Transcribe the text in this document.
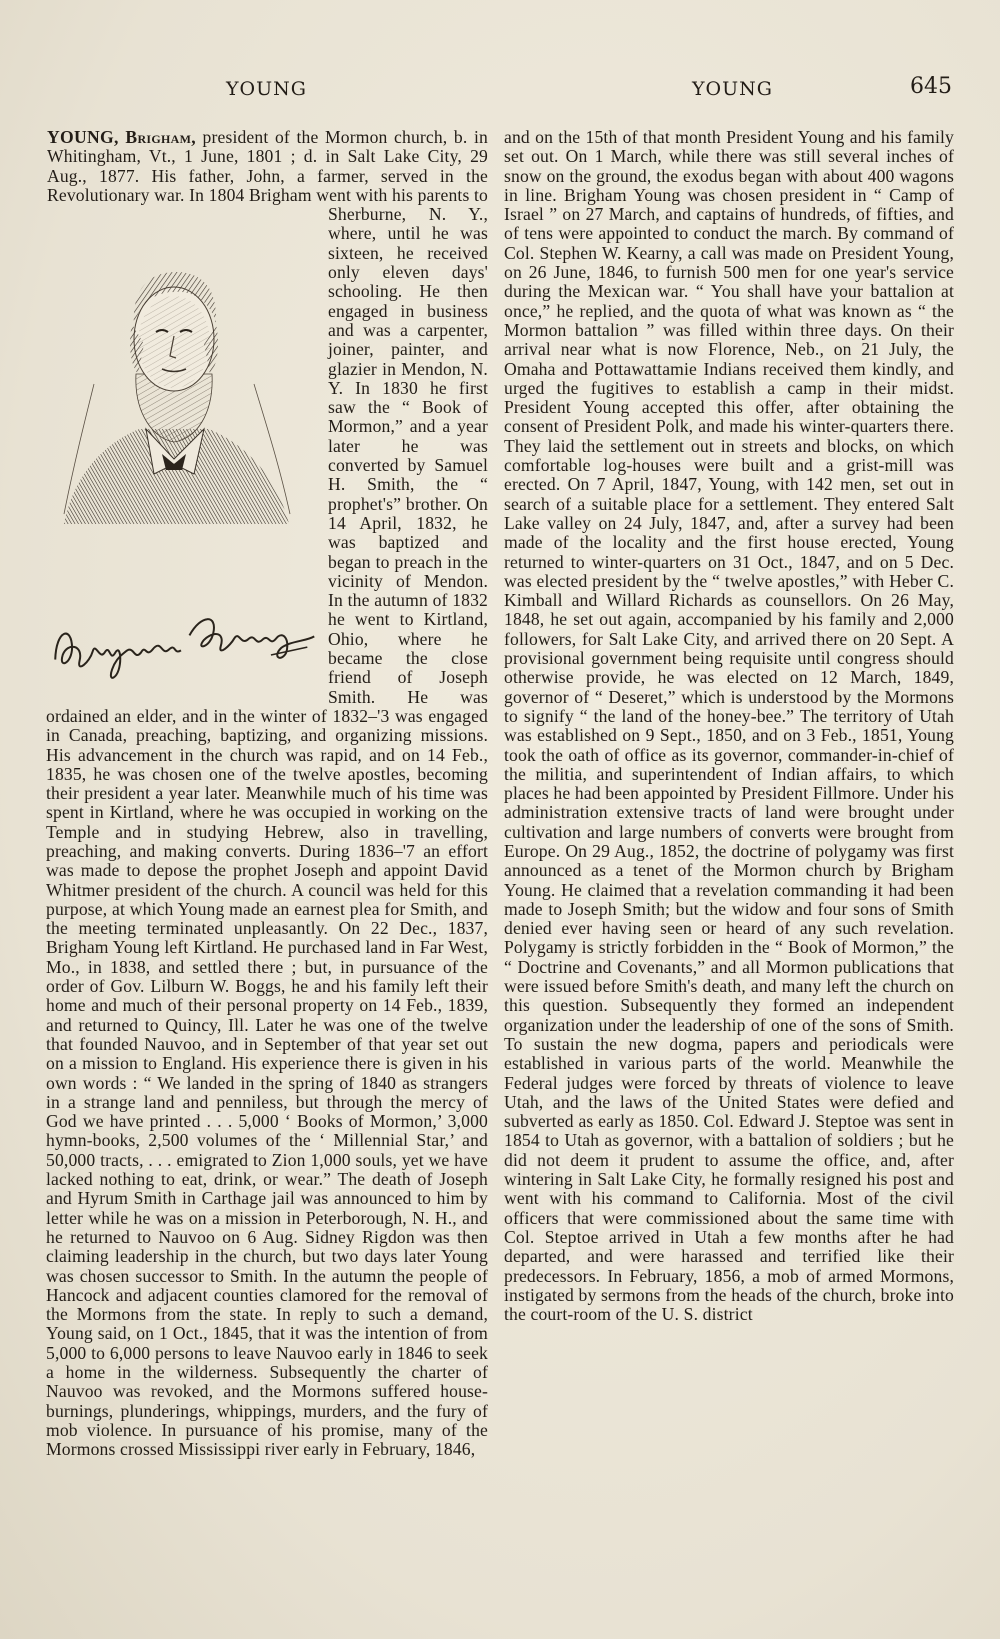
YOUNG	YOUNG	645

YOUNG, Brigham, president of the Mormon church, b. in Whitingham, Vt., 1 June, 1801 ; d. in Salt Lake City, 29 Aug., 1877. His father, John, a farmer, served in the Revolutionary war. In 1804 Brigham went with his parents to Sherburne, N. Y., where, until he was sixteen, he received only eleven days' schooling. He then engaged in business and was a carpenter, joiner, painter, and glazier in Mendon, N. Y. In 1830 he first saw the “ Book of Mormon,” and a year later he was converted by Samuel H. Smith, the “ prophet's” brother. On 14 April, 1832, he was baptized and began to preach in the vicinity of Mendon. In the autumn of 1832 he went to Kirtland, Ohio, where he became the close friend of Joseph Smith. He was ordained an elder, and in the winter of 1832–'3 was engaged in Canada, preaching, baptizing, and organizing missions. His advancement in the church was rapid, and on 14 Feb., 1835, he was chosen one of the twelve apostles, becoming their president a year later. Meanwhile much of his time was spent in Kirtland, where he was occupied in working on the Temple and in studying Hebrew, also in travelling, preaching, and making converts. During 1836–'7 an effort was made to depose the prophet Joseph and appoint David Whitmer president of the church. A council was held for this purpose, at which Young made an earnest plea for Smith, and the meeting terminated unpleasantly. On 22 Dec., 1837, Brigham Young left Kirtland. He purchased land in Far West, Mo., in 1838, and settled there ; but, in pursuance of the order of Gov. Lilburn W. Boggs, he and his family left their home and much of their personal property on 14 Feb., 1839, and returned to Quincy, Ill. Later he was one of the twelve that founded Nauvoo, and in September of that year set out on a mission to England. His experience there is given in his own words : “ We landed in the spring of 1840 as strangers in a strange land and penniless, but through the mercy of God we have printed . . . 5,000 ‘ Books of Mormon,’ 3,000 hymn-books, 2,500 volumes of the ‘ Millennial Star,’ and 50,000 tracts, . . . emigrated to Zion 1,000 souls, yet we have lacked nothing to eat, drink, or wear.” The death of Joseph and Hyrum Smith in Carthage jail was announced to him by letter while he was on a mission in Peterborough, N. H., and he returned to Nauvoo on 6 Aug. Sidney Rigdon was then claiming leadership in the church, but two days later Young was chosen successor to Smith. In the autumn the people of Hancock and adjacent counties clamored for the removal of the Mormons from the state. In reply to such a demand, Young said, on 1 Oct., 1845, that it was the intention of from 5,000 to 6,000 persons to leave Nauvoo early in 1846 to seek a home in the wilderness. Subsequently the charter of Nauvoo was revoked, and the Mormons suffered house-burnings, plunderings, whippings, murders, and the fury of mob violence. In pursuance of his promise, many of the Mormons crossed Mississippi river early in February, 1846,

and on the 15th of that month President Young and his family set out. On 1 March, while there was still several inches of snow on the ground, the exodus began with about 400 wagons in line. Brigham Young was chosen president in “ Camp of Israel ” on 27 March, and captains of hundreds, of fifties, and of tens were appointed to conduct the march. By command of Col. Stephen W. Kearny, a call was made on President Young, on 26 June, 1846, to furnish 500 men for one year's service during the Mexican war. “ You shall have your battalion at once,” he replied, and the quota of what was known as “ the Mormon battalion ” was filled within three days. On their arrival near what is now Florence, Neb., on 21 July, the Omaha and Pottawattamie Indians received them kindly, and urged the fugitives to establish a camp in their midst. President Young accepted this offer, after obtaining the consent of President Polk, and made his winter-quarters there. They laid the settlement out in streets and blocks, on which comfortable log-houses were built and a grist-mill was erected. On 7 April, 1847, Young, with 142 men, set out in search of a suitable place for a settlement. They entered Salt Lake valley on 24 July, 1847, and, after a survey had been made of the locality and the first house erected, Young returned to winter-quarters on 31 Oct., 1847, and on 5 Dec. was elected president by the “ twelve apostles,” with Heber C. Kimball and Willard Richards as counsellors. On 26 May, 1848, he set out again, accompanied by his family and 2,000 followers, for Salt Lake City, and arrived there on 20 Sept. A provisional government being requisite until congress should otherwise provide, he was elected on 12 March, 1849, governor of “ Deseret,” which is understood by the Mormons to signify “ the land of the honey-bee.” The territory of Utah was established on 9 Sept., 1850, and on 3 Feb., 1851, Young took the oath of office as its governor, commander-in-chief of the militia, and superintendent of Indian affairs, to which places he had been appointed by President Fillmore. Under his administration extensive tracts of land were brought under cultivation and large numbers of converts were brought from Europe. On 29 Aug., 1852, the doctrine of polygamy was first announced as a tenet of the Mormon church by Brigham Young. He claimed that a revelation commanding it had been made to Joseph Smith; but the widow and four sons of Smith denied ever having seen or heard of any such revelation. Polygamy is strictly forbidden in the “ Book of Mormon,” the “ Doctrine and Covenants,” and all Mormon publications that were issued before Smith's death, and many left the church on this question. Subsequently they formed an independent organization under the leadership of one of the sons of Smith. To sustain the new dogma, papers and periodicals were established in various parts of the world. Meanwhile the Federal judges were forced by threats of violence to leave Utah, and the laws of the United States were defied and subverted as early as 1850. Col. Edward J. Steptoe was sent in 1854 to Utah as governor, with a battalion of soldiers ; but he did not deem it prudent to assume the office, and, after wintering in Salt Lake City, he formally resigned his post and went with his command to California. Most of the civil officers that were commissioned about the same time with Col. Steptoe arrived in Utah a few months after he had departed, and were harassed and terrified like their predecessors. In February, 1856, a mob of armed Mormons, instigated by sermons from the heads of the church, broke into the court-room of the U. S. district
